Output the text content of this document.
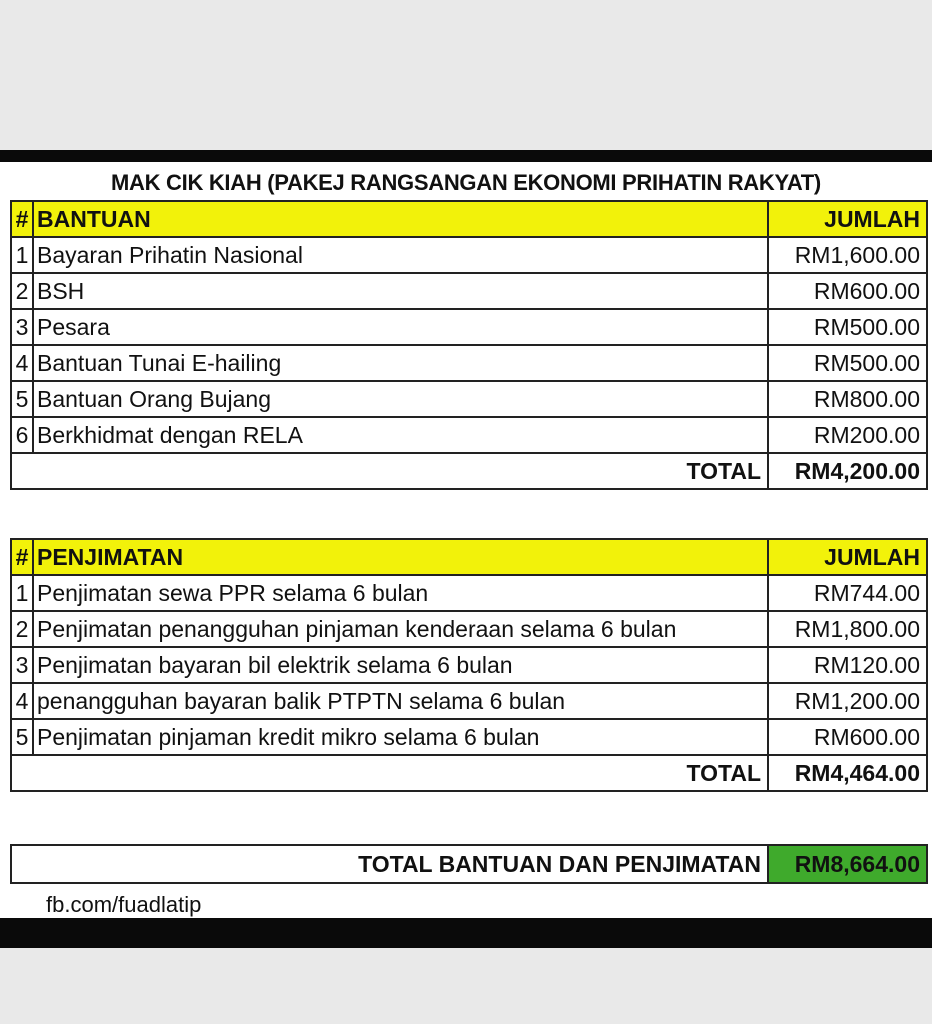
MAK CIK KIAH (PAKEJ RANGSANGAN EKONOMI PRIHATIN RAKYAT)
#	BANTUAN	JUMLAH
1	Bayaran Prihatin Nasional	RM1,600.00
2	BSH	RM600.00
3	Pesara	RM500.00
4	Bantuan Tunai E-hailing	RM500.00
5	Bantuan Orang Bujang	RM800.00
6	Berkhidmat dengan RELA	RM200.00
TOTAL		RM4,200.00
#	PENJIMATAN	JUMLAH
1	Penjimatan sewa PPR selama 6 bulan	RM744.00
2	Penjimatan penangguhan pinjaman kenderaan selama 6 bulan	RM1,800.00
3	Penjimatan bayaran bil elektrik selama 6 bulan	RM120.00
4	penangguhan bayaran balik PTPTN selama 6 bulan	RM1,200.00
5	Penjimatan pinjaman kredit mikro selama 6 bulan	RM600.00
TOTAL		RM4,464.00
TOTAL BANTUAN DAN PENJIMATAN	RM8,664.00
fb.com/fuadlatip
